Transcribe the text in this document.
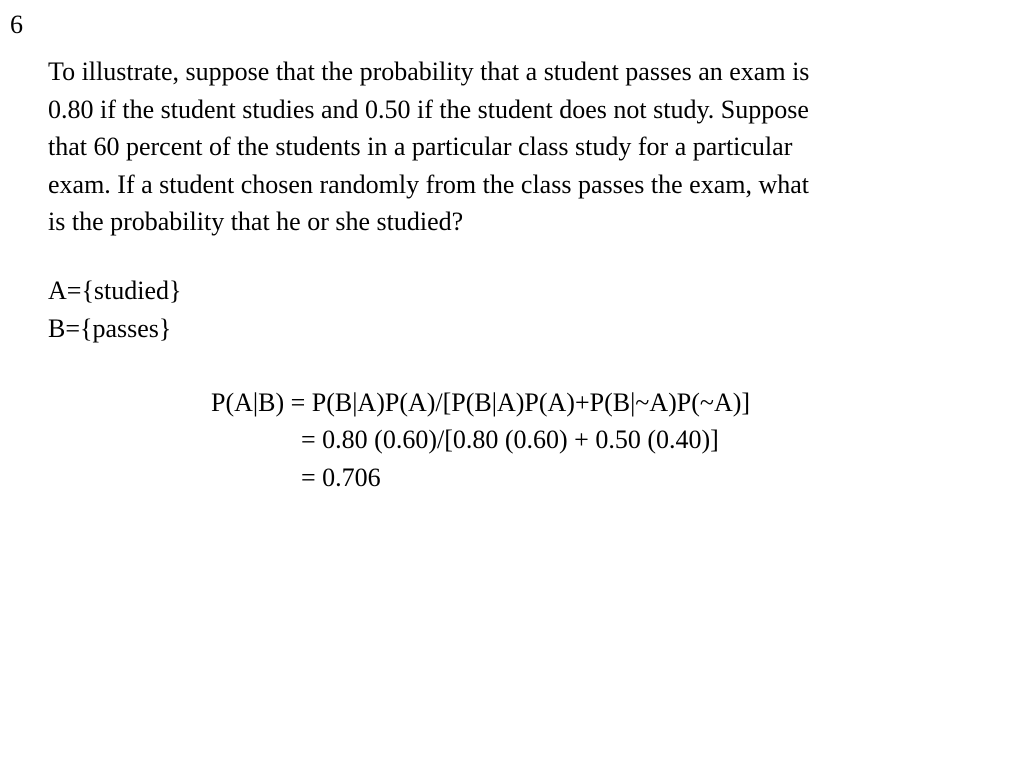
6

To illustrate, suppose that the probability that a student passes an exam is

0.80 if the student studies and 0.50 if the student does not study. Suppose

that 60 percent of the students in a particular class study for a particular

exam. If a student chosen randomly from the class passes the exam, what

is the probability that he or she studied?

A={studied}
B={passes}
P(A|B) = P(B|A)P(A)/[P(B|A)P(A)+P(B|~A)P(~A)]
= 0.80 (0.60)/[0.80 (0.60) + 0.50 (0.40)]
= 0.706
